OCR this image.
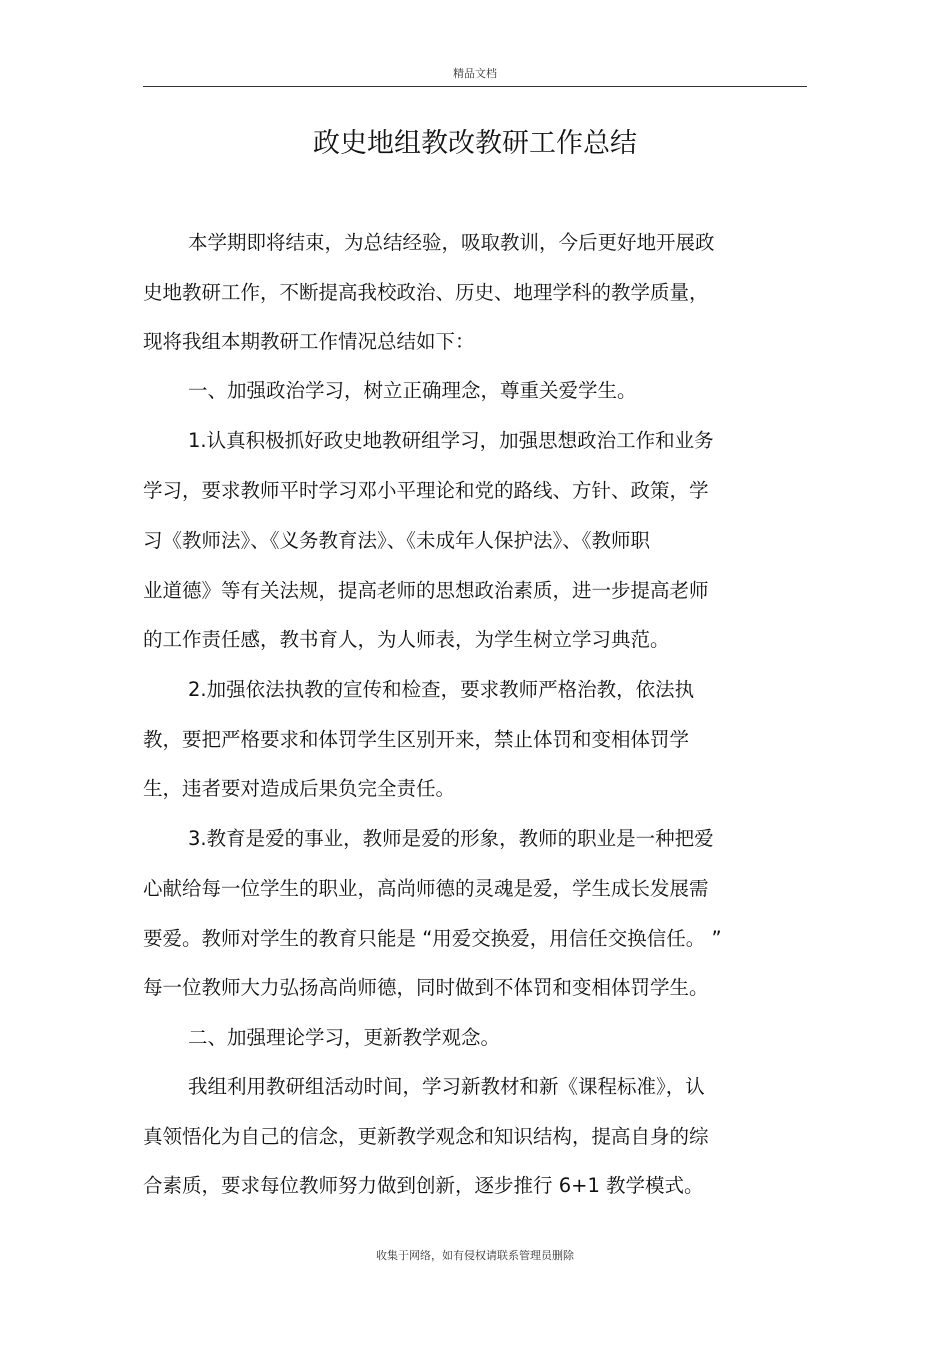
精品文档
政史地组教改教研工作总结
本学期即将结束，为总结经验，吸取教训，今后更好地开展政
史地教研工作，不断提高我校政治、历史、地理学科的教学质量，
现将我组本期教研工作情况总结如下：
一、加强政治学习，树立正确理念，尊重关爱学生。
1.认真积极抓好政史地教研组学习，加强思想政治工作和业务
学习，要求教师平时学习邓小平理论和党的路线、方针、政策，学
习《教师法》、《义务教育法》、《未成年人保护法》、《教师职
业道德》等有关法规，提高老师的思想政治素质，进一步提高老师
的工作责任感，教书育人，为人师表，为学生树立学习典范。
2.加强依法执教的宣传和检查，要求教师严格治教，依法执
教，要把严格要求和体罚学生区别开来，禁止体罚和变相体罚学
生，违者要对造成后果负完全责任。
3.教育是爱的事业，教师是爱的形象，教师的职业是一种把爱
心献给每一位学生的职业，高尚师德的灵魂是爱，学生成长发展需
要爱。教师对学生的教育只能是 “用爱交换爱，用信任交换信任。 ”
每一位教师大力弘扬高尚师德，同时做到不体罚和变相体罚学生。
二、加强理论学习，更新教学观念。
我组利用教研组活动时间，学习新教材和新《课程标准》，认
真领悟化为自己的信念，更新教学观念和知识结构，提高自身的综
合素质，要求每位教师努力做到创新，逐步推行 6+1 教学模式。
收集于网络，如有侵权请联系管理员删除
